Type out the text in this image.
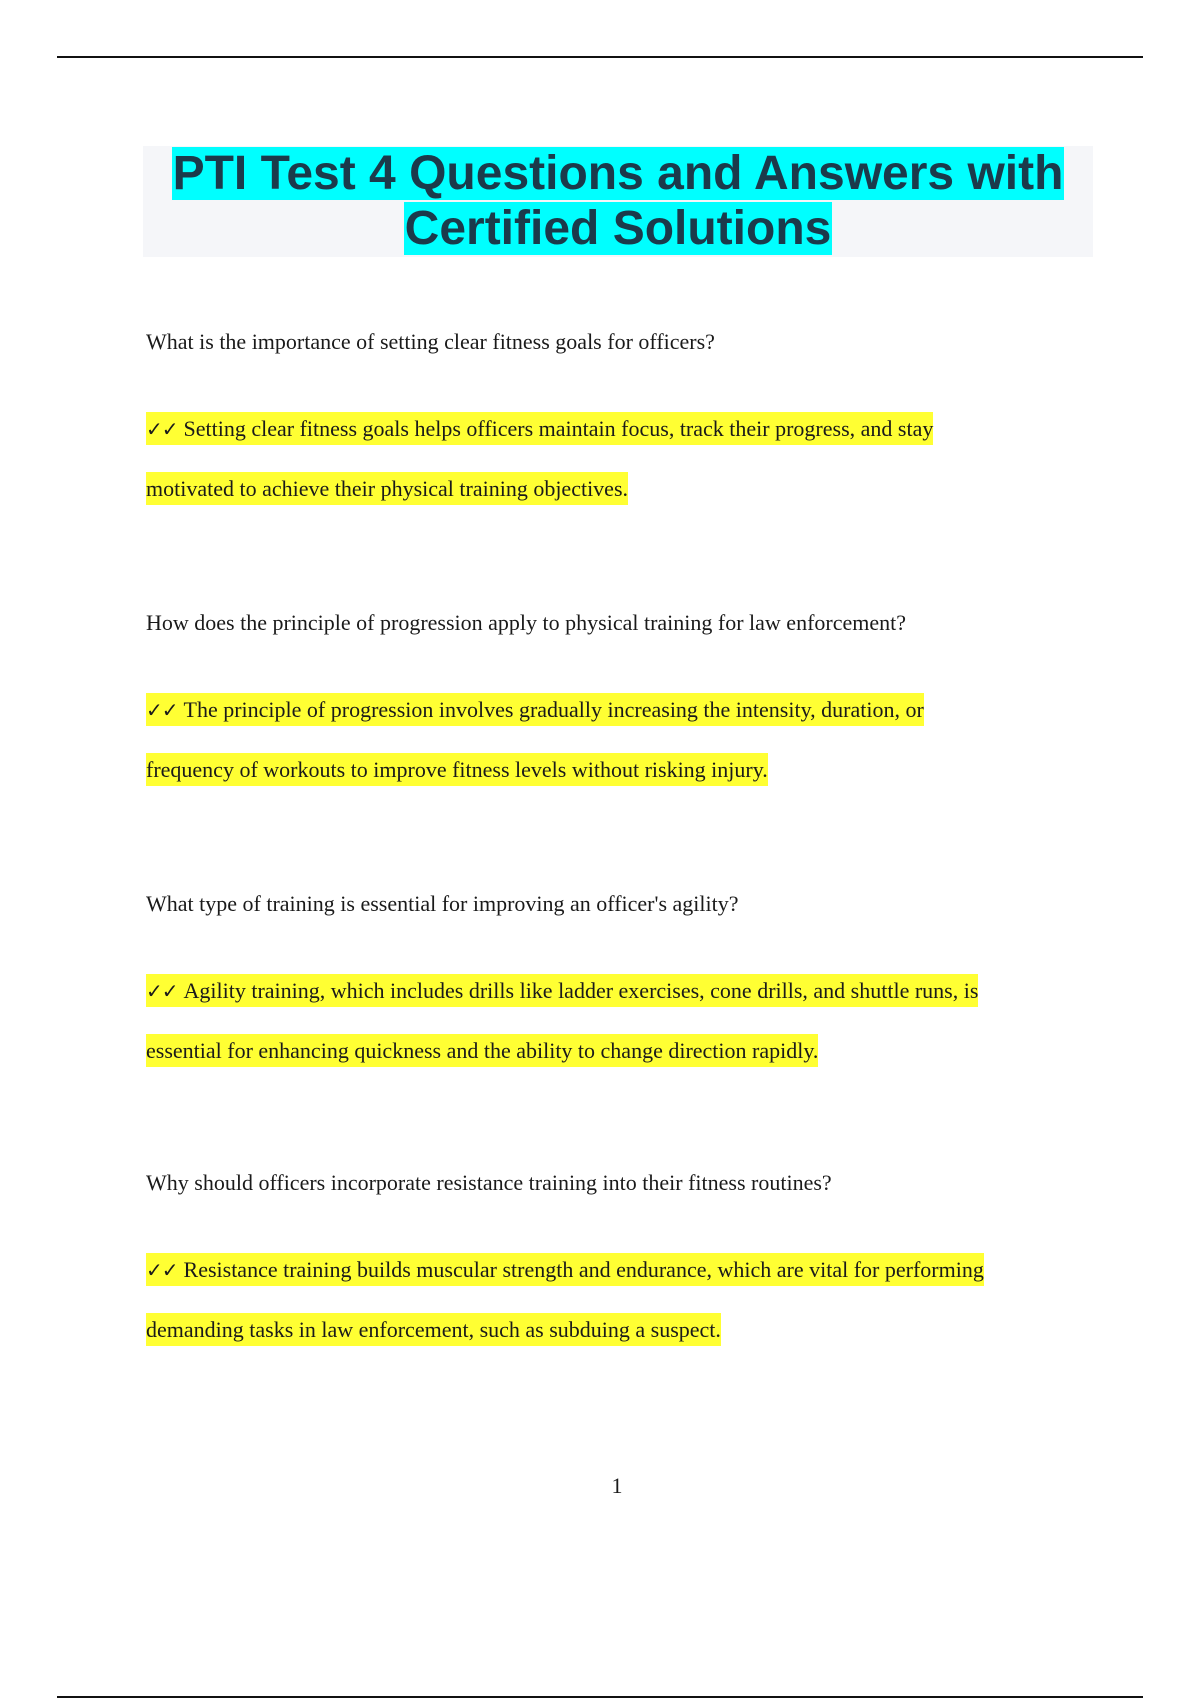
PTI Test 4 Questions and Answers with
Certified Solutions

What is the importance of setting clear fitness goals for officers?

✓✓ Setting clear fitness goals helps officers maintain focus, track their progress, and stay
motivated to achieve their physical training objectives.

How does the principle of progression apply to physical training for law enforcement?

✓✓ The principle of progression involves gradually increasing the intensity, duration, or
frequency of workouts to improve fitness levels without risking injury.

What type of training is essential for improving an officer's agility?

✓✓ Agility training, which includes drills like ladder exercises, cone drills, and shuttle runs, is
essential for enhancing quickness and the ability to change direction rapidly.

Why should officers incorporate resistance training into their fitness routines?

✓✓ Resistance training builds muscular strength and endurance, which are vital for performing
demanding tasks in law enforcement, such as subduing a suspect.
1
